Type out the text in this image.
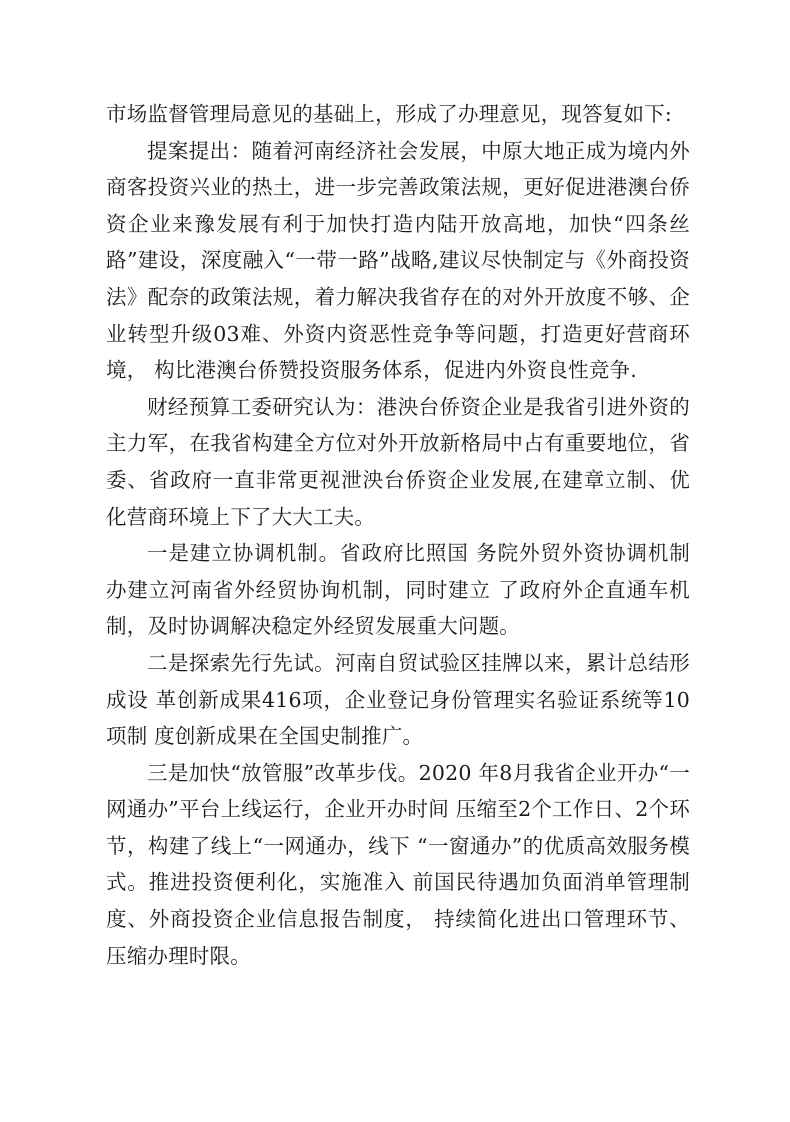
市场监督管理局意见的基础上，形成了办理意见，现答复如下:

提案提出：随着河南经济社会发展，中原大地正成为境内外商客投资兴业的热土，进一步完善政策法规，更好促进港澳台侨资企业来豫发展有利于加快打造内陆开放高地，加快“四条丝路”建设，深度融入“一带一路”战略,建议尽快制定与《外商投资 法》配奈的政策法规，着力解决我省存在的对外开放度不够、企 业转型升级03难、外资内资恶性竞争等问题，打造更好营商环境， 构比港澳台侨赞投资服务体系，促进内外资良性竞争.

财经预算工委研究认为：港泱台侨资企业是我省引进外资的主力军，在我省构建全方位对外开放新格局中占有重要地位，省委、省政府一直非常更视泄泱台侨资企业发展,在建章立制、优 化营商环境上下了大大工夫。

一是建立协调机制。省政府比照国 务院外贸外资协调机制办建立河南省外经贸协询机制，同时建立 了政府外企直通车机制，及时协调解决稳定外经贸发展重大问题。

二是探索先行先试。河南自贸试验区挂牌以来，累计总结形成设 革创新成果416项，企业登记身份管理实名验证系统等10项制 度创新成果在全国史制推广。

三是加快“放管服”改革步伐。2020 年8月我省企业开办“一网通办”平台上线运行，企业开办时间 压缩至2个工作日、2个环节，构建了线上“一网通办，线下 “一窗通办”的优质高效服务模式。推进投资便利化，实施准入 前国民待遇加负面消单管理制度、外商投资企业信息报告制度， 持续简化进出口管理环节、压缩办理时限。
